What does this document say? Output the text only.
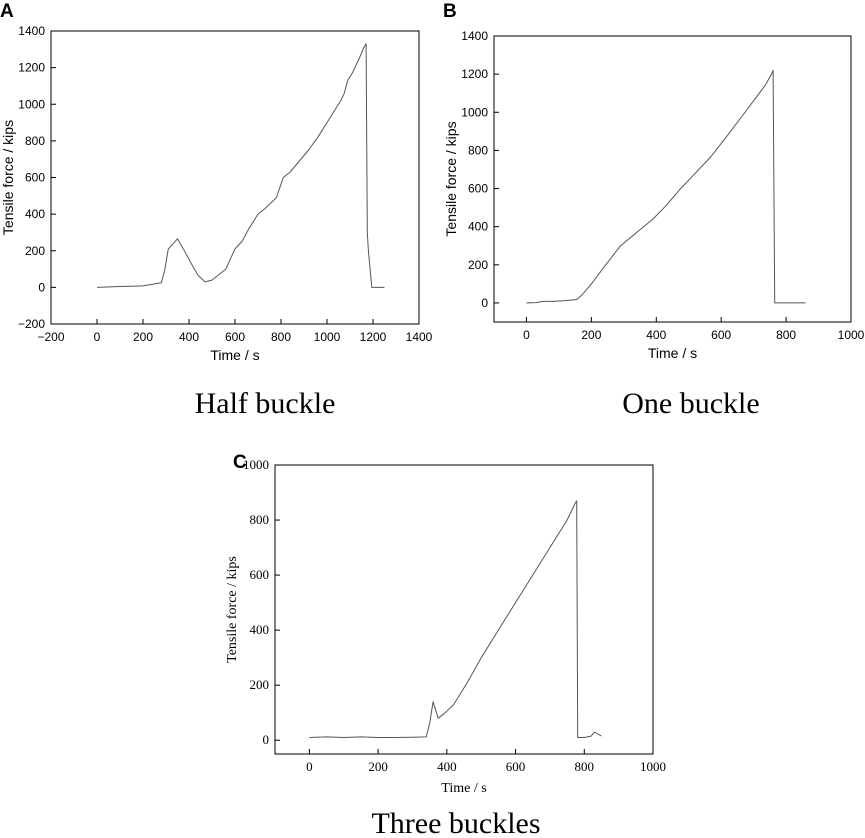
−200 0	200 400 600 800 1000 1200 1400
−200
0
200
400
600
800
1000
1200
1400
Time / s
Tensile force / kips
A
Half buckle
0	200	400	600	800	1000
0
200
400
600
800
1000
1200
1400
Time / s
Tensile force / kips
B
One buckle
0	200	400	600	800	1000
0
200
400
600
800
1000
Time / s
Tensile force / kips
C
Three buckles
